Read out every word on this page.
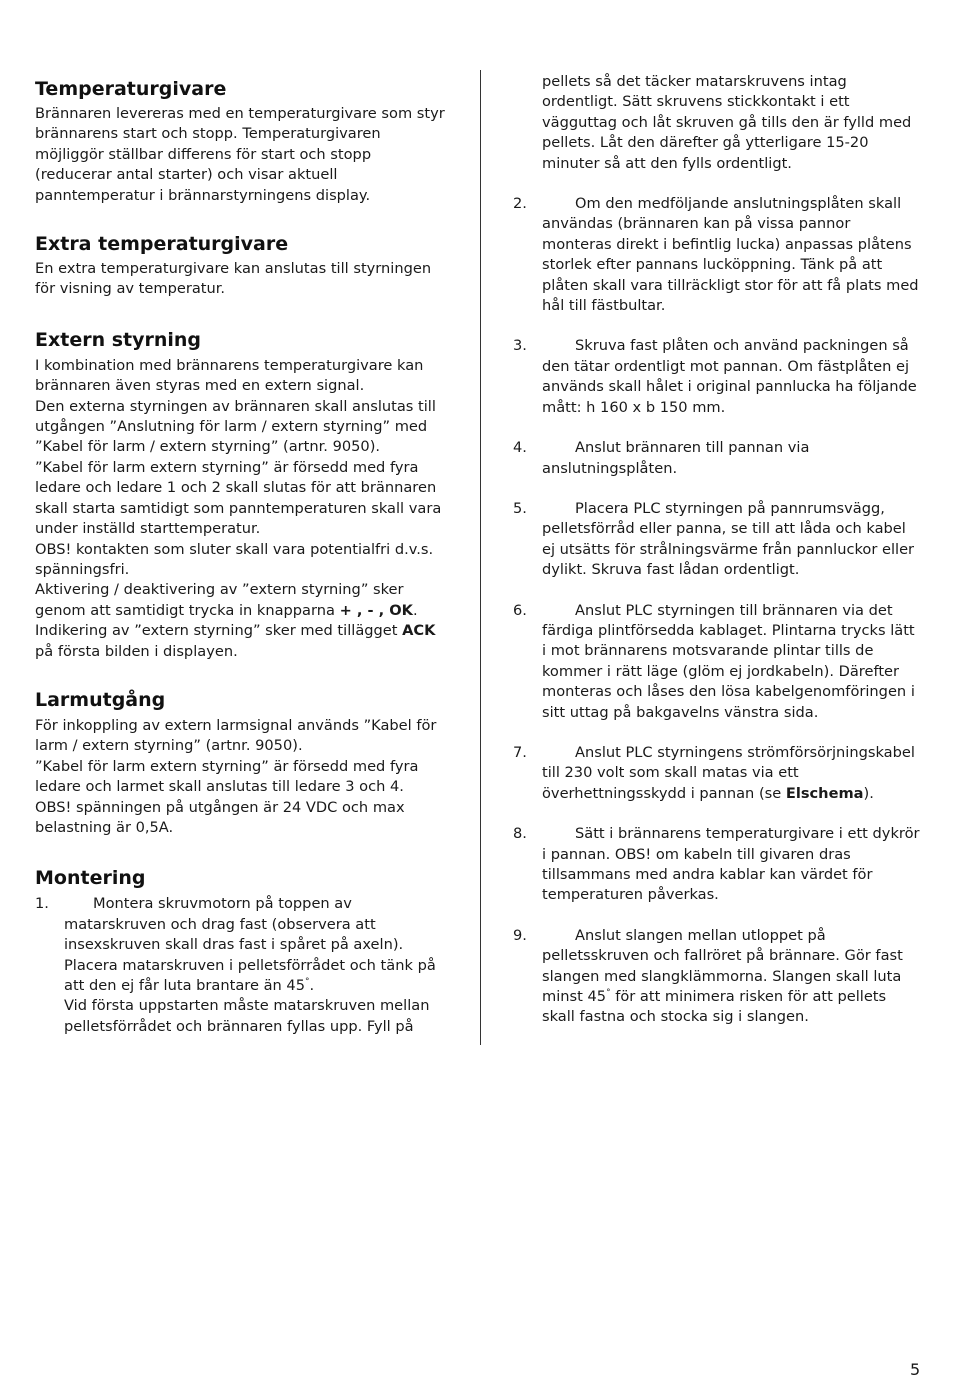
Temperaturgivare

Brännaren levereras med en temperaturgivare som styr

brännarens start och stopp. Temperaturgivaren

möjliggör ställbar differens för start och stopp

(reducerar antal starter) och visar aktuell

panntemperatur i brännarstyrningens display.

Extra temperaturgivare

En extra temperaturgivare kan anslutas till styrningen

för visning av temperatur.

Extern styrning

I kombination med brännarens temperaturgivare kan

brännaren även styras med en extern signal.

Den externa styrningen av brännaren skall anslutas till

utgången ”Anslutning för larm / extern styrning” med

”Kabel för larm / extern styrning” (artnr. 9050).

”Kabel för larm extern styrning” är försedd med fyra

ledare och ledare 1 och 2 skall slutas för att brännaren

skall starta samtidigt som panntemperaturen skall vara

under inställd starttemperatur.

OBS! kontakten som sluter skall vara potentialfri d.v.s.

spänningsfri.

Aktivering / deaktivering av ”extern styrning” sker

genom att samtidigt trycka in knapparna + , - , OK.

Indikering av ”extern styrning” sker med tillägget ACK

på första bilden i displayen.

Larmutgång

För inkoppling av extern larmsignal används ”Kabel för

larm / extern styrning” (artnr. 9050).

”Kabel för larm extern styrning” är försedd med fyra

ledare och larmet skall anslutas till ledare 3 och 4.

OBS! spänningen på utgången är 24 VDC och max

belastning är 0,5A.

Montering
1.	Montera skruvmotorn på toppen av

matarskruven och drag fast (observera att

insexskruven skall dras fast i spåret på axeln).

Placera matarskruven i pelletsförrådet och tänk på

att den ej får luta brantare än 45°.

Vid första uppstarten måste matarskruven mellan

pelletsförrådet och brännaren fyllas upp. Fyll på

pellets så det täcker matarskruvens intag

ordentligt. Sätt skruvens stickkontakt i ett

vägguttag och låt skruven gå tills den är fylld med

pellets. Låt den därefter gå ytterligare 15-20

minuter så att den fylls ordentligt.

2.	Om den medföljande anslutningsplåten skall

användas (brännaren kan på vissa pannor

monteras direkt i befintlig lucka) anpassas plåtens

storlek efter pannans lucköppning. Tänk på att

plåten skall vara tillräckligt stor för att få plats med

hål till fästbultar.

3.	Skruva fast plåten och använd packningen så

den tätar ordentligt mot pannan. Om fästplåten ej

används skall hålet i original pannlucka ha följande

mått: h 160 x b 150 mm.

4.	Anslut brännaren till pannan via

anslutningsplåten.

5.	Placera PLC styrningen på pannrumsvägg,

pelletsförråd eller panna, se till att låda och kabel

ej utsätts för strålningsvärme från pannluckor eller

dylikt. Skruva fast lådan ordentligt.

6.	Anslut PLC styrningen till brännaren via det

färdiga plintförsedda kablaget. Plintarna trycks lätt

i mot brännarens motsvarande plintar tills de

kommer i rätt läge (glöm ej jordkabeln). Därefter

monteras och låses den lösa kabelgenomföringen i

sitt uttag på bakgavelns vänstra sida.

7.	Anslut PLC styrningens strömförsörjningskabel

till 230 volt som skall matas via ett

överhettningsskydd i pannan (se Elschema).

8.	Sätt i brännarens temperaturgivare i ett dykrör

i pannan. OBS! om kabeln till givaren dras

tillsammans med andra kablar kan värdet för

temperaturen påverkas.

9.	Anslut slangen mellan utloppet på

pelletsskruven och fallröret på brännare. Gör fast

slangen med slangklämmorna. Slangen skall luta

minst 45° för att minimera risken för att pellets

skall fastna och stocka sig i slangen.

5
